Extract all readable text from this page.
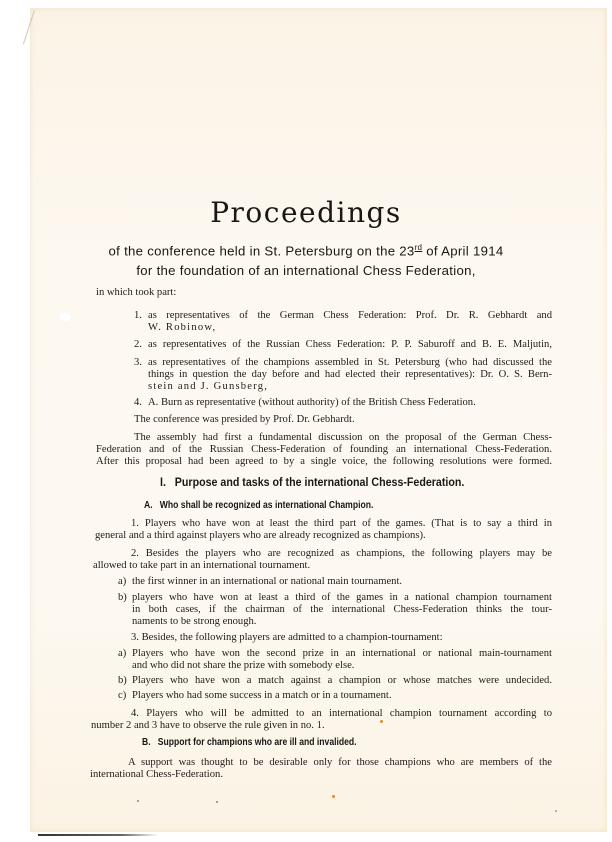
Proceedings
of the conference held in St. Petersburg on the 23rd of April 1914
for the foundation of an international Chess Federation,
in which took part:
1. as representatives of the German Chess Federation: Prof. Dr. R. Gebhardt and
W. Robinow,
2. as representatives of the Russian Chess Federation: P. P. Saburoff and B. E. Maljutin,
3. as representatives of the champions assembled in St. Petersburg (who had discussed the
things in question the day before and had elected their representatives): Dr. O. S. Bern-
stein and J. Gunsberg,
4. A. Burn as representative (without authority) of the British Chess Federation.
The conference was presided by Prof. Dr. Gebhardt.
The assembly had first a fundamental discussion on the proposal of the German Chess-
Federation and of the Russian Chess-Federation of founding an international Chess-Federation.
After this proposal had been agreed to by a single voice, the following resolutions were formed.
I. Purpose and tasks of the international Chess-Federation.
A. Who shall be recognized as international Champion.
1. Players who have won at least the third part of the games. (That is to say a third in
general and a third against players who are already recognized as champions).
2. Besides the players who are recognized as champions, the following players may be
allowed to take part in an international tournament.
a) the first winner in an international or national main tournament.
b) players who have won at least a third of the games in a national champion tournament
in both cases, if the chairman of the international Chess-Federation thinks the tour-
naments to be strong enough.
3. Besides, the following players are admitted to a champion-tournament:
a) Players who have won the second prize in an international or national main-tournament
and who did not share the prize with somebody else.
b) Players who have won a match against a champion or whose matches were undecided.
c) Players who had some success in a match or in a tournament.
4. Players who will be admitted to an international champion tournament according to
number 2 and 3 have to observe the rule given in no. 1.
B. Support for champions who are ill and invalided.
A support was thought to be desirable only for those champions who are members of the
international Chess-Federation.
